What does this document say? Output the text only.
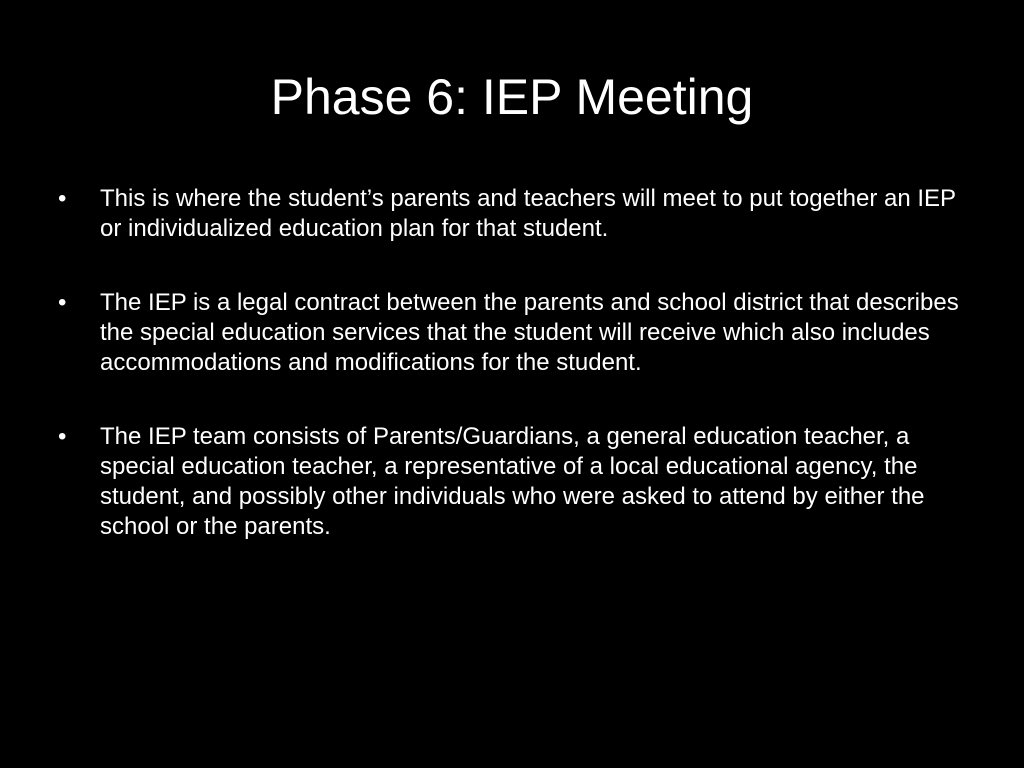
Phase 6: IEP Meeting
•	This is where the student’s parents and teachers will meet to put together an IEP or individualized education plan for that student.
•	The IEP is a legal contract between the parents and school district that describes the special education services that the student will receive which also includes accommodations and modifications for the student.
•	The IEP team consists of Parents/Guardians, a general education teacher, a special education teacher, a representative of a local educational agency, the student, and possibly other individuals who were asked to attend by either the school or the parents.
